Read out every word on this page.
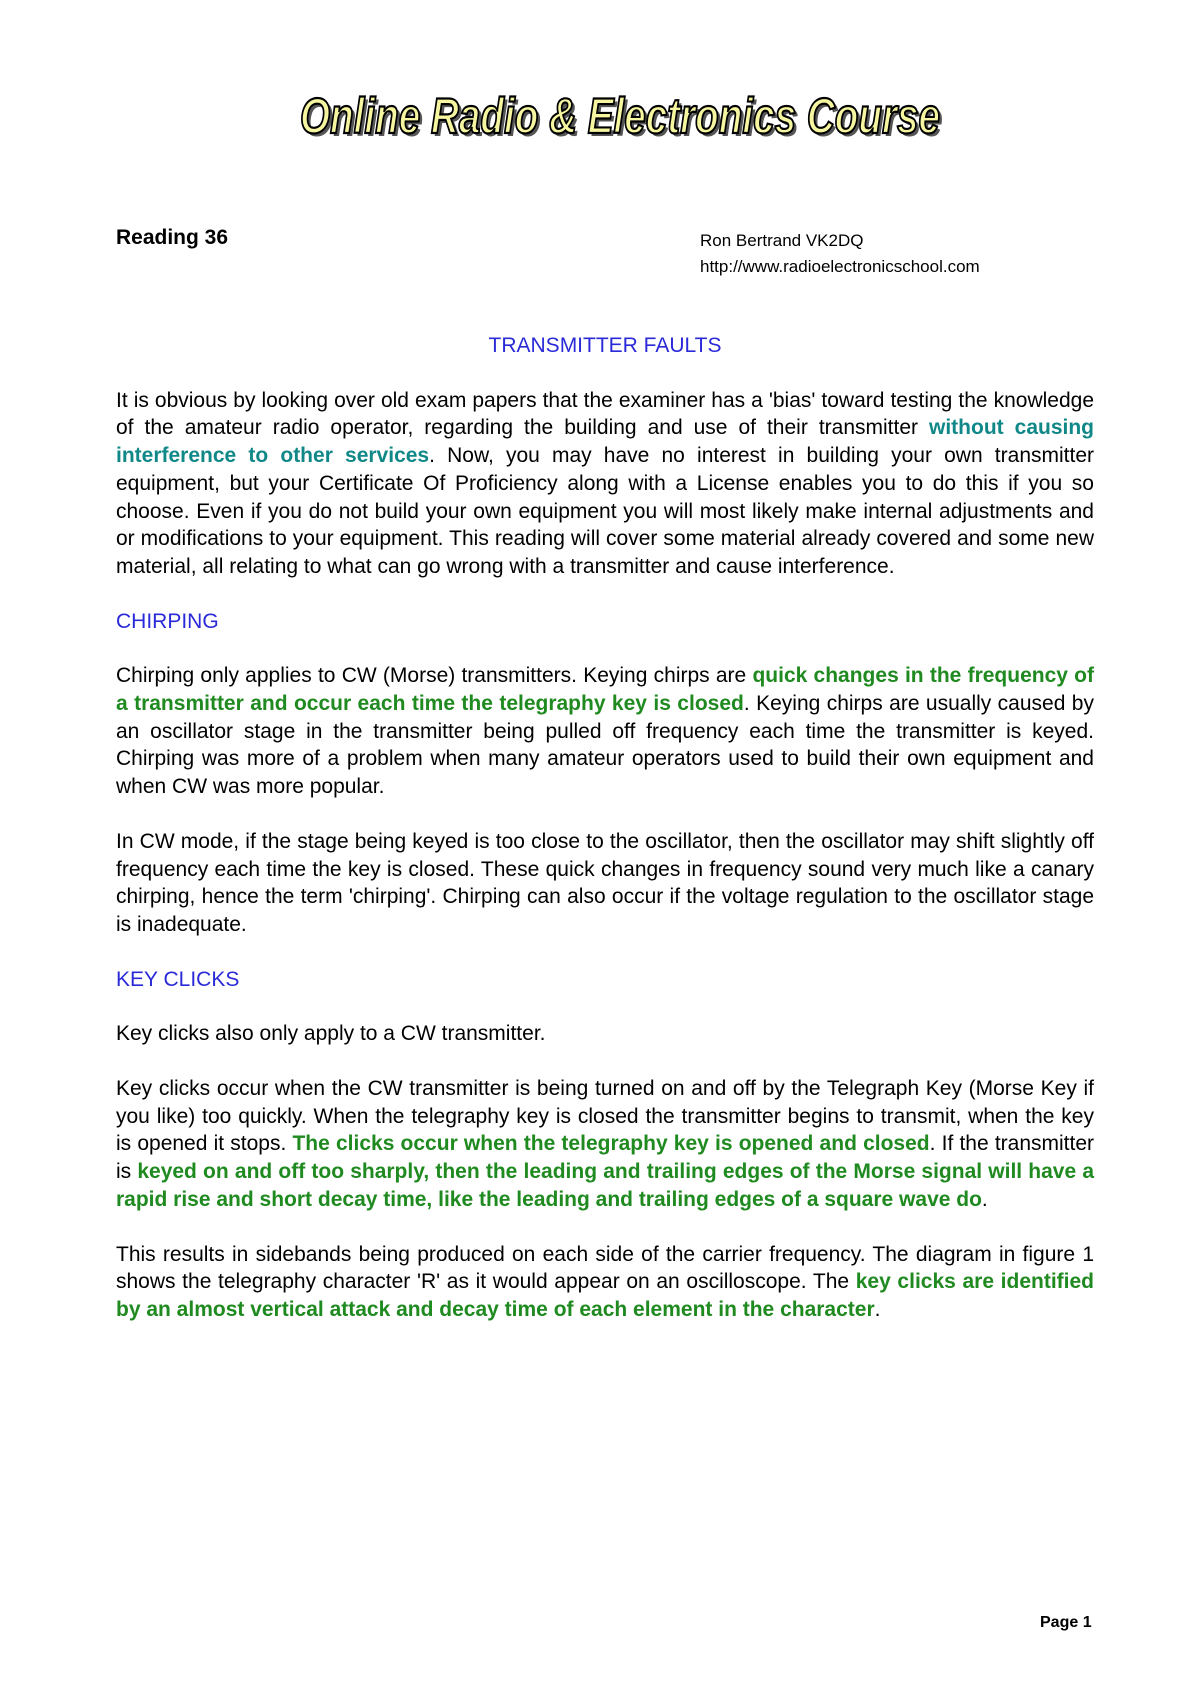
Online Radio & Electronics Course
Online Radio & Electronics Course
Reading 36	Ron Bertrand VK2DQ
http://www.radioelectronicschool.com
TRANSMITTER FAULTS

It is obvious by looking over old exam papers that the examiner has a 'bias' toward testing the knowledge of the amateur radio operator, regarding the building and use of their transmitter without causing interference to other services. Now, you may have no interest in building your own transmitter equipment, but your Certificate Of Proficiency along with a License enables you to do this if you so choose. Even if you do not build your own equipment you will most likely make internal adjustments and or modifications to your equipment. This reading will cover some material already covered and some new material, all relating to what can go wrong with a transmitter and cause interference.

CHIRPING

Chirping only applies to CW (Morse) transmitters. Keying chirps are quick changes in the frequency of a transmitter and occur each time the telegraphy key is closed. Keying chirps are usually caused by an oscillator stage in the transmitter being pulled off frequency each time the transmitter is keyed. Chirping was more of a problem when many amateur operators used to build their own equipment and when CW was more popular.

In CW mode, if the stage being keyed is too close to the oscillator, then the oscillator may shift slightly off frequency each time the key is closed. These quick changes in frequency sound very much like a canary chirping, hence the term 'chirping'. Chirping can also occur if the voltage regulation to the oscillator stage is inadequate.

KEY CLICKS

Key clicks also only apply to a CW transmitter.

Key clicks occur when the CW transmitter is being turned on and off by the Telegraph Key (Morse Key if you like) too quickly. When the telegraphy key is closed the transmitter begins to transmit, when the key is opened it stops. The clicks occur when the telegraphy key is opened and closed. If the transmitter is keyed on and off too sharply, then the leading and trailing edges of the Morse signal will have a rapid rise and short decay time, like the leading and trailing edges of a square wave do.

This results in sidebands being produced on each side of the carrier frequency. The diagram in figure 1 shows the telegraphy character 'R' as it would appear on an oscilloscope. The key clicks are identified by an almost vertical attack and decay time of each element in the character.

Page 1
